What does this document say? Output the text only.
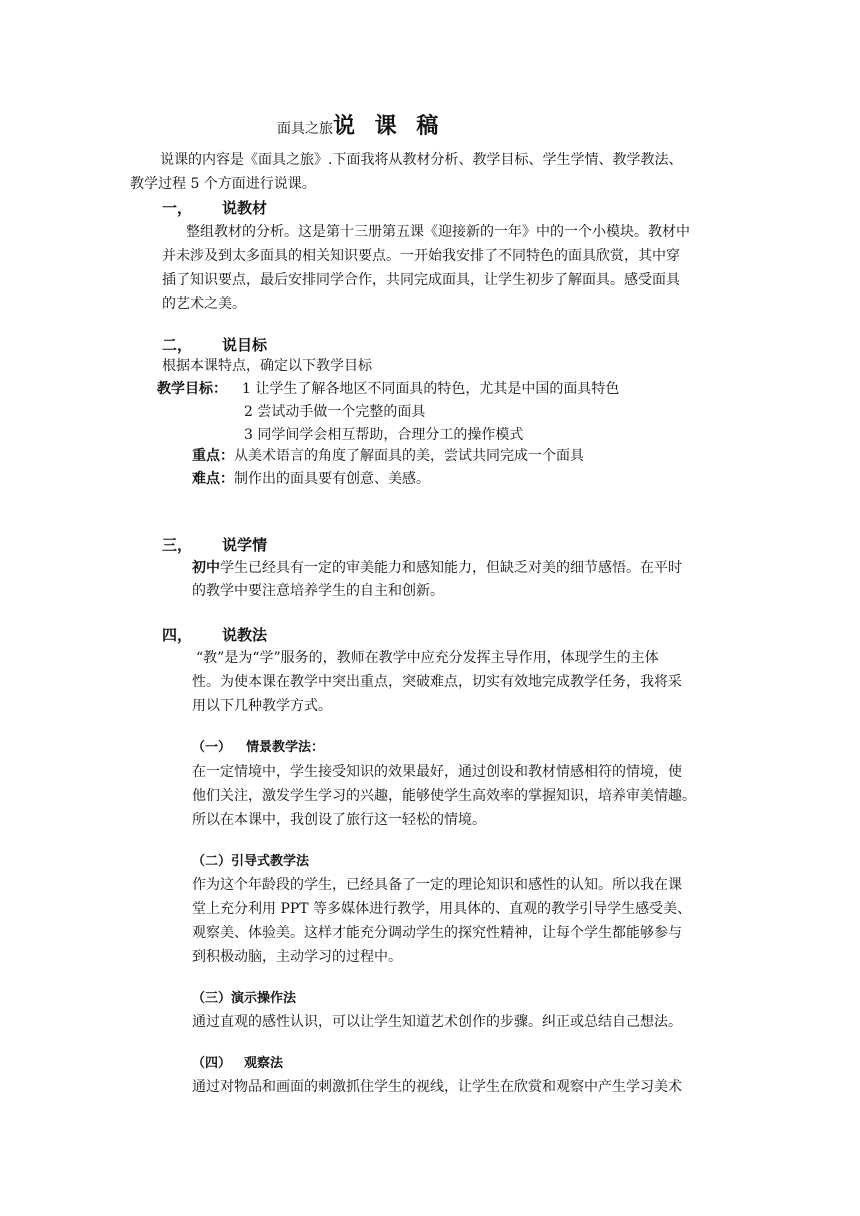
面具之旅说 课 稿
说课的内容是《面具之旅》.下面我将从教材分析、教学目标、学生学情、教学教法、
教学过程 5 个方面进行说课。
一， 说教材
整组教材的分析。这是第十三册第五课《迎接新的一年》中的一个小模块。教材中
并未涉及到太多面具的相关知识要点。一开始我安排了不同特色的面具欣赏，其中穿
插了知识要点，最后安排同学合作，共同完成面具，让学生初步了解面具。感受面具
的艺术之美。
二， 说目标
根据本课特点，确定以下教学目标
教学目标： 1 让学生了解各地区不同面具的特色，尤其是中国的面具特色
2 尝试动手做一个完整的面具
3 同学间学会相互帮助，合理分工的操作模式
重点：从美术语言的角度了解面具的美，尝试共同完成一个面具
难点：制作出的面具要有创意、美感。
三， 说学情
初中学生已经具有一定的审美能力和感知能力，但缺乏对美的细节感悟。在平时
的教学中要注意培养学生的自主和创新。
四， 说教法
“教”是为“学”服务的，教师在教学中应充分发挥主导作用，体现学生的主体
性。为使本课在教学中突出重点，突破难点，切实有效地完成教学任务，我将采
用以下几种教学方式。
（一） 情景教学法：
在一定情境中，学生接受知识的效果最好，通过创设和教材情感相符的情境，使
他们关注，激发学生学习的兴趣，能够使学生高效率的掌握知识，培养审美情趣。
所以在本课中，我创设了旅行这一轻松的情境。
（二）引导式教学法
作为这个年龄段的学生，已经具备了一定的理论知识和感性的认知。所以我在课
堂上充分利用 PPT 等多媒体进行教学，用具体的、直观的教学引导学生感受美、
观察美、体验美。这样才能充分调动学生的探究性精神，让每个学生都能够参与
到积极动脑，主动学习的过程中。
（三）演示操作法
通过直观的感性认识，可以让学生知道艺术创作的步骤。纠正或总结自己想法。
（四） 观察法
通过对物品和画面的刺激抓住学生的视线，让学生在欣赏和观察中产生学习美术
